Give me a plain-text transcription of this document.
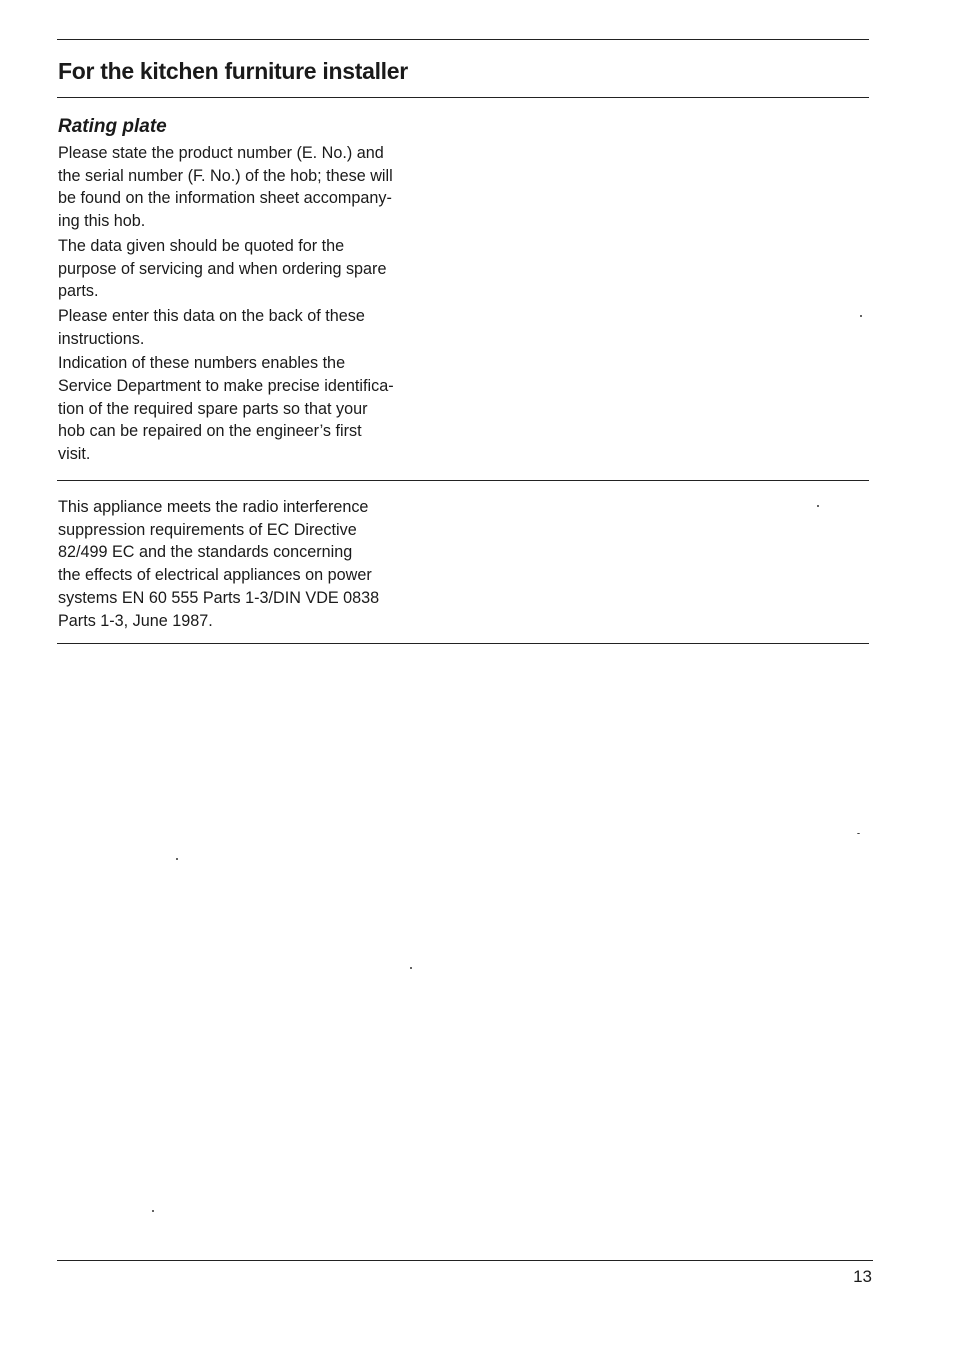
For the kitchen furniture installer
Rating plate

Please state the product number (E. No.) and
the serial number (F. No.) of the hob; these will
be found on the information sheet accompany-
ing this hob.

The data given should be quoted for the
purpose of servicing and when ordering spare
parts.

Please enter this data on the back of these
instructions.

Indication of these numbers enables the
Service Department to make precise identifica-
tion of the required spare parts so that your
hob can be repaired on the engineer’s first
visit.

This appliance meets the radio interference
suppression requirements of EC Directive
82/499 EC and the standards concerning
the effects of electrical appliances on power
systems EN 60 555 Parts 1-3/DIN VDE 0838
Parts 1-3, June 1987.

13
